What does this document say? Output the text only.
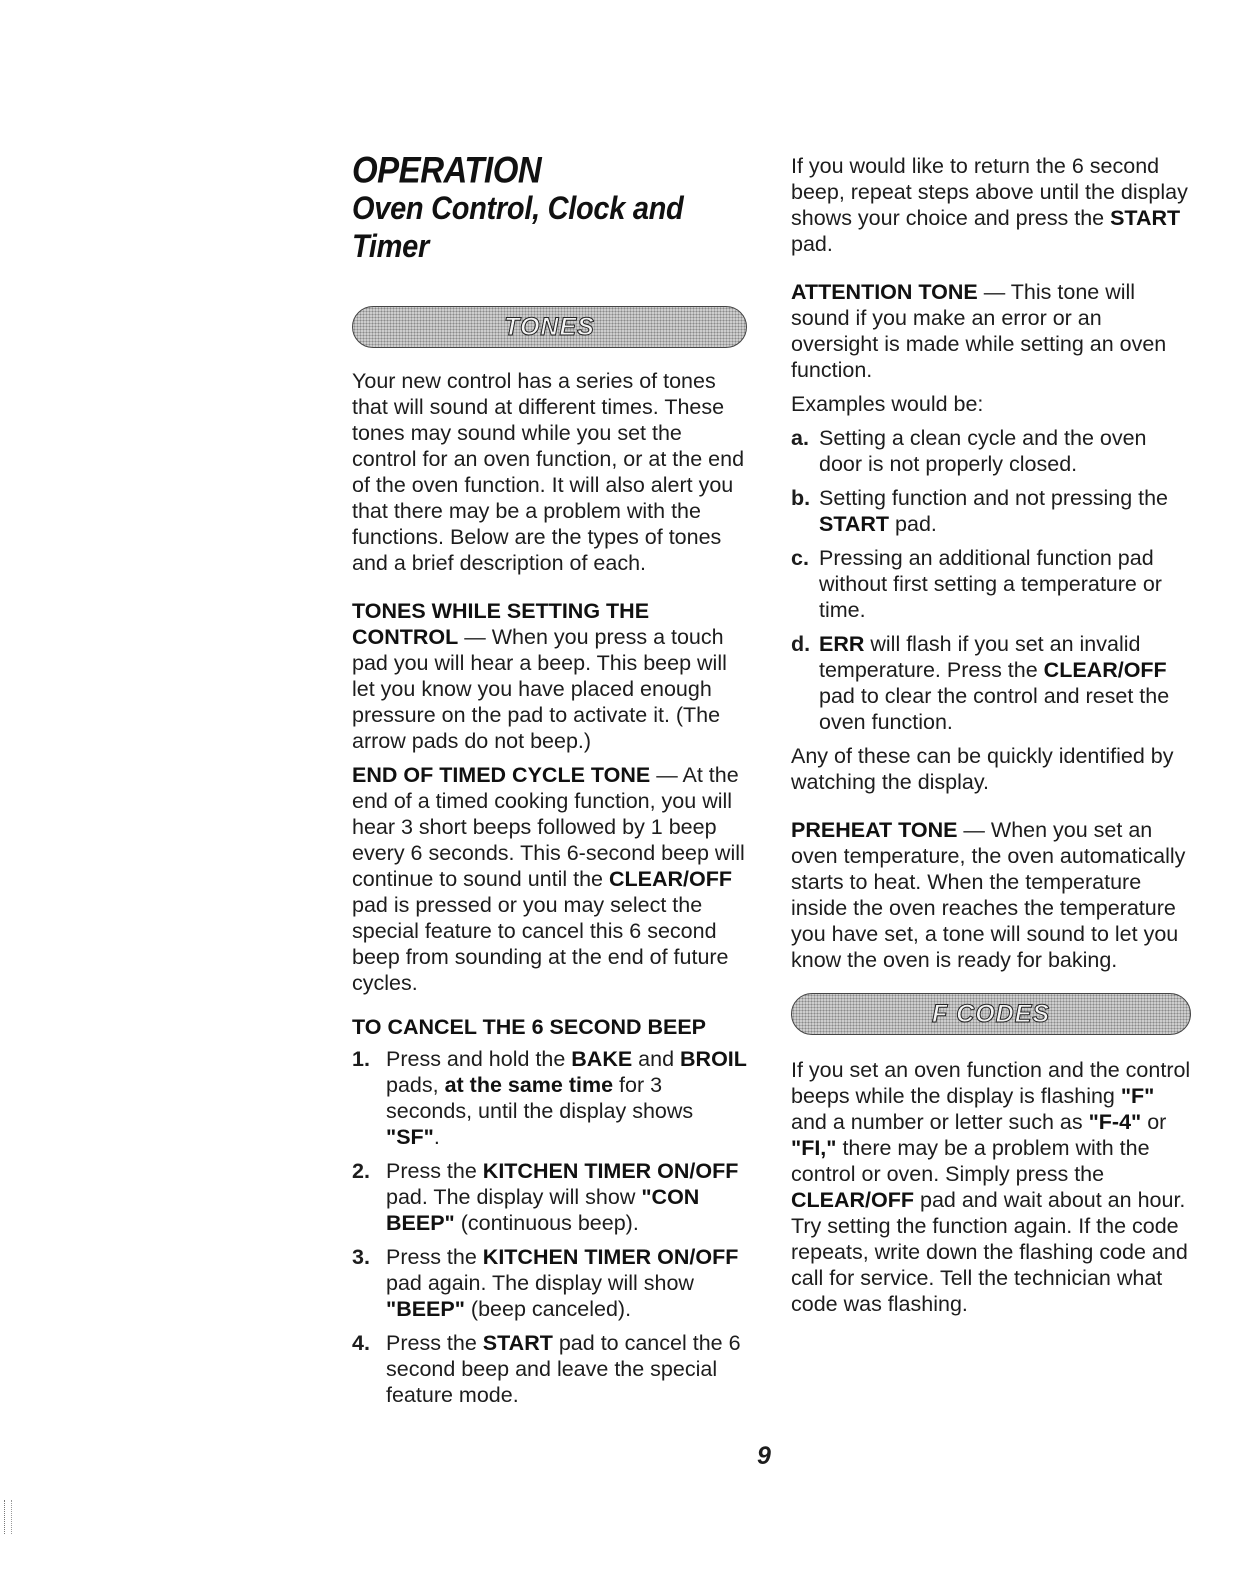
OPERATION
Oven Control, Clock and Timer
TONES

Your new control has a series of tones that will sound at different times. These tones may sound while you set the control for an oven function, or at the end of the oven function. It will also alert you that there may be a problem with the functions. Below are the types of tones and a brief description of each.

TONES WHILE SETTING THE CONTROL — When you press a touch pad you will hear a beep. This beep will let you know you have placed enough pressure on the pad to activate it. (The arrow pads do not beep.)

END OF TIMED CYCLE TONE — At the end of a timed cooking function, you will hear 3 short beeps followed by 1 beep every 6 seconds. This 6-second beep will continue to sound until the CLEAR/OFF pad is pressed or you may select the special feature to cancel this 6 second beep from sounding at the end of future cycles.

TO CANCEL THE 6 SECOND BEEP

1. Press and hold the BAKE and BROIL pads, at the same time for 3 seconds, until the display shows "SF".
2. Press the KITCHEN TIMER ON/OFF pad. The display will show "CON BEEP" (continuous beep).
3. Press the KITCHEN TIMER ON/OFF pad again. The display will show "BEEP" (beep canceled).
4. Press the START pad to cancel the 6 second beep and leave the special feature mode.

If you would like to return the 6 second beep, repeat steps above until the display shows your choice and press the START pad.

ATTENTION TONE — This tone will sound if you make an error or an oversight is made while setting an oven function.

Examples would be:

a. Setting a clean cycle and the oven door is not properly closed.
b. Setting function and not pressing the START pad.
c. Pressing an additional function pad without first setting a temperature or time.
d. ERR will flash if you set an invalid temperature. Press the CLEAR/OFF pad to clear the control and reset the oven function.

Any of these can be quickly identified by watching the display.

PREHEAT TONE — When you set an oven temperature, the oven automatically starts to heat. When the temperature inside the oven reaches the temperature you have set, a tone will sound to let you know the oven is ready for baking.

F CODES

If you set an oven function and the control beeps while the display is flashing "F" and a number or letter such as "F-4" or "FI," there may be a problem with the control or oven. Simply press the CLEAR/OFF pad and wait about an hour. Try setting the function again. If the code repeats, write down the flashing code and call for service. Tell the technician what code was flashing.

9
